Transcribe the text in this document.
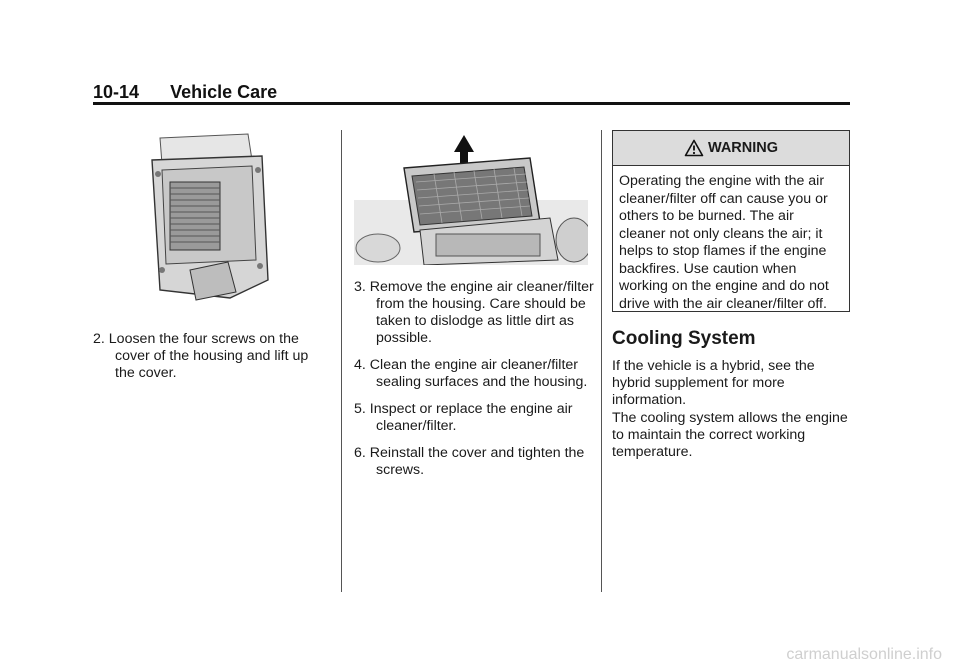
10-14 Vehicle Care
2. Loosen the four screws on the cover of the housing and lift up the cover.
3. Remove the engine air cleaner/filter from the housing. Care should be taken to dislodge as little dirt as possible.
4. Clean the engine air cleaner/filter sealing surfaces and the housing.
5. Inspect or replace the engine air cleaner/filter.
6. Reinstall the cover and tighten the screws.
WARNING
Operating the engine with the air cleaner/filter off can cause you or others to be burned. The air cleaner not only cleans the air; it helps to stop flames if the engine backfires. Use caution when working on the engine and do not drive with the air cleaner/filter off.
Cooling System
If the vehicle is a hybrid, see the hybrid supplement for more information.
The cooling system allows the engine to maintain the correct working temperature.
carmanualsonline.info
